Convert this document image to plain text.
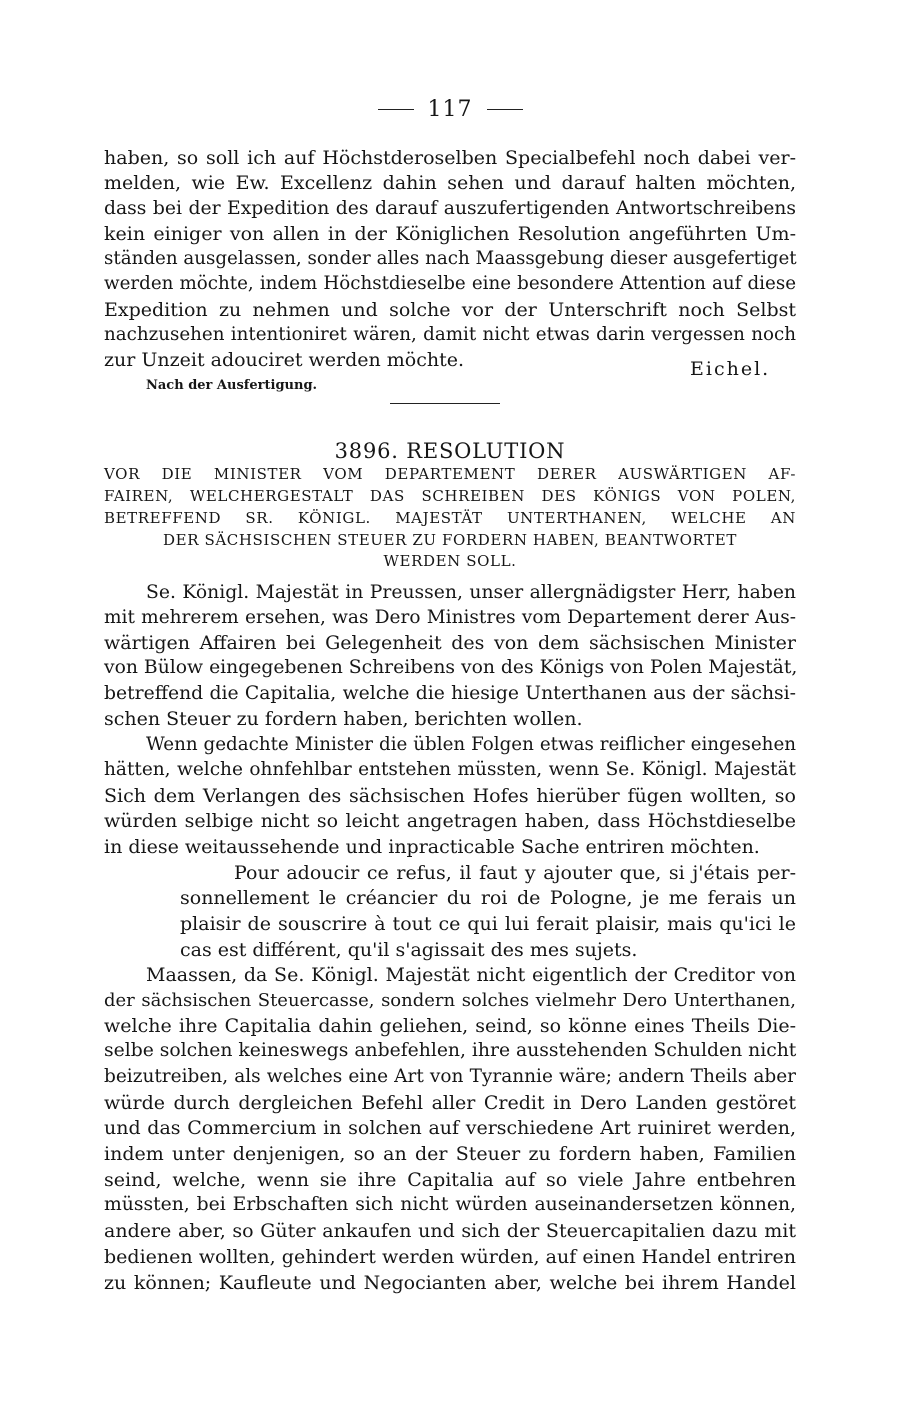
117
haben, so soll ich auf Höchstderoselben Specialbefehl noch dabei ver-
melden, wie Ew. Excellenz dahin sehen und darauf halten möchten,
dass bei der Expedition des darauf auszufertigenden Antwortschreibens
kein einiger von allen in der Königlichen Resolution angeführten Um-
ständen ausgelassen, sonder alles nach Maassgebung dieser ausgefertiget
werden möchte, indem Höchstdieselbe eine besondere Attention auf diese
Expedition zu nehmen und solche vor der Unterschrift noch Selbst
nachzusehen intentioniret wären, damit nicht etwas darin vergessen noch
zur Unzeit adouciret werden möchte.	Eichel.
Nach der Ausfertigung.
3896. RESOLUTION
VOR DIE MINISTER VOM DEPARTEMENT DERER AUSWÄRTIGEN AF-
FAIREN, WELCHERGESTALT DAS SCHREIBEN DES KÖNIGS VON POLEN,
BETREFFEND SR. KÖNIGL. MAJESTÄT UNTERTHANEN, WELCHE AN
DER SÄCHSISCHEN STEUER ZU FORDERN HABEN, BEANTWORTET
WERDEN SOLL.
Se. Königl. Majestät in Preussen, unser allergnädigster Herr, haben
mit mehrerem ersehen, was Dero Ministres vom Departement derer Aus-
wärtigen Affairen bei Gelegenheit des von dem sächsischen Minister
von Bülow eingegebenen Schreibens von des Königs von Polen Majestät,
betreffend die Capitalia, welche die hiesige Unterthanen aus der sächsi-
schen Steuer zu fordern haben, berichten wollen.
Wenn gedachte Minister die üblen Folgen etwas reiflicher eingesehen
hätten, welche ohnfehlbar entstehen müssten, wenn Se. Königl. Majestät
Sich dem Verlangen des sächsischen Hofes hierüber fügen wollten, so
würden selbige nicht so leicht angetragen haben, dass Höchstdieselbe
in diese weitaussehende und inpracticable Sache entriren möchten.
Pour adoucir ce refus, il faut y ajouter que, si j'étais per-
sonnellement le créancier du roi de Pologne, je me ferais un
plaisir de souscrire à tout ce qui lui ferait plaisir, mais qu'ici le
cas est différent, qu'il s'agissait des mes sujets.
Maassen, da Se. Königl. Majestät nicht eigentlich der Creditor von
der sächsischen Steuercasse, sondern solches vielmehr Dero Unterthanen,
welche ihre Capitalia dahin geliehen, seind, so könne eines Theils Die-
selbe solchen keineswegs anbefehlen, ihre ausstehenden Schulden nicht
beizutreiben, als welches eine Art von Tyrannie wäre; andern Theils aber
würde durch dergleichen Befehl aller Credit in Dero Landen gestöret
und das Commercium in solchen auf verschiedene Art ruiniret werden,
indem unter denjenigen, so an der Steuer zu fordern haben, Familien
seind, welche, wenn sie ihre Capitalia auf so viele Jahre entbehren
müssten, bei Erbschaften sich nicht würden auseinandersetzen können,
andere aber, so Güter ankaufen und sich der Steuercapitalien dazu mit
bedienen wollten, gehindert werden würden, auf einen Handel entriren
zu können; Kaufleute und Negocianten aber, welche bei ihrem Handel
